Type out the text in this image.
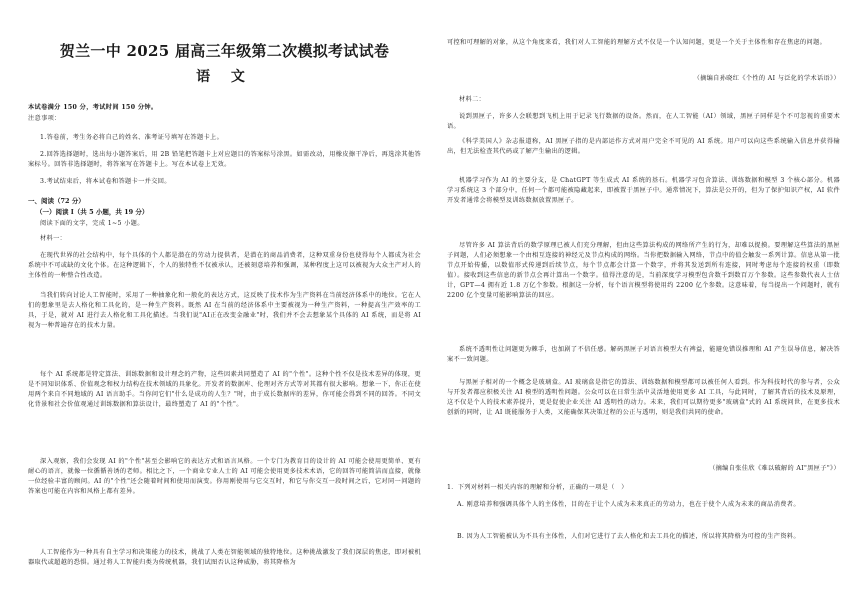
贺兰一中 2025 届高三年级第二次模拟考试试卷
语 文

本试卷满分 150 分，考试时间 150 分钟。

注意事项：

1.答卷前，考生务必将自己的姓名、准考证号填写在答题卡上。

2.回答选择题时，选出每小题答案后，用 2B 铅笔把答题卡上对应题目的答案标号涂黑。如需改动，用橡皮擦干净后，再选涂其他答案标号。回答非选择题时，将答案写在答题卡上。写在本试卷上无效。

3.考试结束后，将本试卷和答题卡一并交回。

一、阅读（72 分）
（一）阅读 I（共 5 小题，共 19 分）

阅读下面的文字，完成 1~5 小题。

材料一：

在现代世界的社会结构中，每个具体的个人都是潜在的劳动力提供者，是潜在的商品消费者，这种双重身份也使得每个人都成为社会系统中不可或缺的文化个体。在这种逻辑下，个人的独特性不仅被承认，还被刻意培养和强调，某种程度上这可以被视为大众主产对人的主体性的一种整合性改造。

当我们转向讨论人工智能时，采用了一种抽象化和一般化的表达方式，这反映了技术作为生产资料在当前经济体系中的地位。它在人们的想象里是去人格化和工具化的，是一种生产资料。既然 AI 在当前的经济体系中主要被视为一种生产资料，一种提高生产效率的工具，于是，就对 AI 进行去人格化和工具化描述。当我们说"AI正在改变金融业"时，我们并不会去想象某个具体的 AI 系统，而是将 AI 视为一种普遍存在的技术力量。

每个 AI 系统都是特定算法、训练数据和设计理念的产物，这些因素共同塑造了 AI 的"个性"。这种个性不仅是技术差异的体现，更是不同知识体系、价值观念和权力结构在技术领域的具象化。开发者的数据库、伦理对齐方式等对其都有很大影响。想象一下，你正在使用两个来自不同地域的 AI 语言助手。当你问它们"什么是成功的人生？"时，由于成长数据库的差异，你可能会得到不同的回答。不同文化背景和社会价值观通过训练数据和算法设计，最终塑造了 AI 的"个性"。

深入观察，我们会发现 AI 的"个性"甚至会影响它的表达方式和语言风格。一个专门为教育目的设计的 AI 可能会使用更简单、更有耐心的语言，就像一位循循善诱的老师。相比之下，一个商业专业人士的 AI 可能会使用更多技术术语，它的回答可能简洁而直接，就像一位经验丰富的顾问。AI 的"个性"还会随着时间和使用而演变。你用刚使用与它交互时，和它与你交互一段时间之后，它对同一问题的答案也可能在内容和风格上都有差异。

人工智能作为一种具有自主学习和决策能力的技术，挑战了人类在智能领域的独特地位。这种挑战激发了我们深层的焦虑，即对被机器取代或超越的恐惧。通过将人工智能归类为传统机器，我们试图否认这种威胁，将其降格为

可控和可理解的对象，从这个角度来看，我们对人工智能的理解方式不仅是一个认知问题，更是一个关于主体性和存在焦虑的问题。

（摘编自孙晓红《个性的 AI 与泛化的学术话语》）

材料二：

说到黑匣子，许多人会联想到飞机上用于记录飞行数据的设备。然而，在人工智能（AI）领域，黑匣子同样是个不可忽视的重要术语。

《科学美国人》杂志报道称，AI 黑匣子指的是内部运作方式对用户完全不可见的 AI 系统。用户可以向这些系统输入信息并获得输出，但无法检查其代码或了解产生输出的逻辑。

机器学习作为 AI 的主要分支，是 ChatGPT 等生成式 AI 系统的基石。机器学习包含算法、训练数据和模型 3 个核心部分。机器学习系统这 3 个部分中，任何一个都可能被隐藏起来，即被置于黑匣子中。通常情况下，算法是公开的，但为了保护知识产权，AI 软件开发者通常会将模型及训练数据放置黑匣子。

尽管许多 AI 算法背后的数学原理已被人们充分理解，但由这些算法构成的网络所产生的行为，却难以捉摸。要理解这些算法的黑匣子问题，人们必须想象一个由相互连接的神经元及节点构成的网络。当你把数据输入网络，节点中的值会触发一系列计算。信息从第一批节点开始传播，以数值形式传递到后续节点，每个节点都会计算一个数字，并将其发送到所有连接，同时考虑每个连接的权重（即数值）。接收到这些信息的新节点会再计算出一个数字。值得注意的是，当前深度学习模型包含数千到数百万个参数。这些参数代表人士估计，GPT—4 拥有近 1.8 万亿个参数。根据这一分析，每个语言模型将使用约 2200 亿个参数。这意味着，每当提出一个问题时，就有 2200 亿个变量可能影响算法的回应。

系统不透明性让问题更为棘手，也加剧了不信任感。解码黑匣子对语言模型大有裨益，能避免错误推理和 AI 产生误导信息，解决答案不一致问题。

与黑匣子相对的一个概念是玻璃盒。AI 玻璃盒是指它的算法、训练数据和模型都可以被任何人看到。作为科技时代的参与者，公众与开发者都应积极关注 AI 模型的透明性问题。公众可以在日常生活中灵活地使用更多 AI 工具，与此同时，了解其背后的技术及原理，这不仅是个人的技术素养提升，更是促使企业关注 AI 透明性的动力。未来，我们可以期待更多"玻璃盒"式的 AI 系统问世，在更多技术创新的同时，让 AI 既能服务于人类，又能确保其决策过程的公正与透明，则是我们共同的使命。

（摘编自张佳欣《难以破解的 AI"黑匣子"》）

1．下列对材料一相关内容的理解和分析，正确的一项是（　）

A. 刚意培养和强调具体个人的主体性，目的在于让个人成为未来真正的劳动力，也在于使个人成为未来的商品消费者。

B. 因为人工智能被认为不具有主体性，人们对它进行了去人格化和去工具化的描述，所以将其降格为可控的生产资料。
